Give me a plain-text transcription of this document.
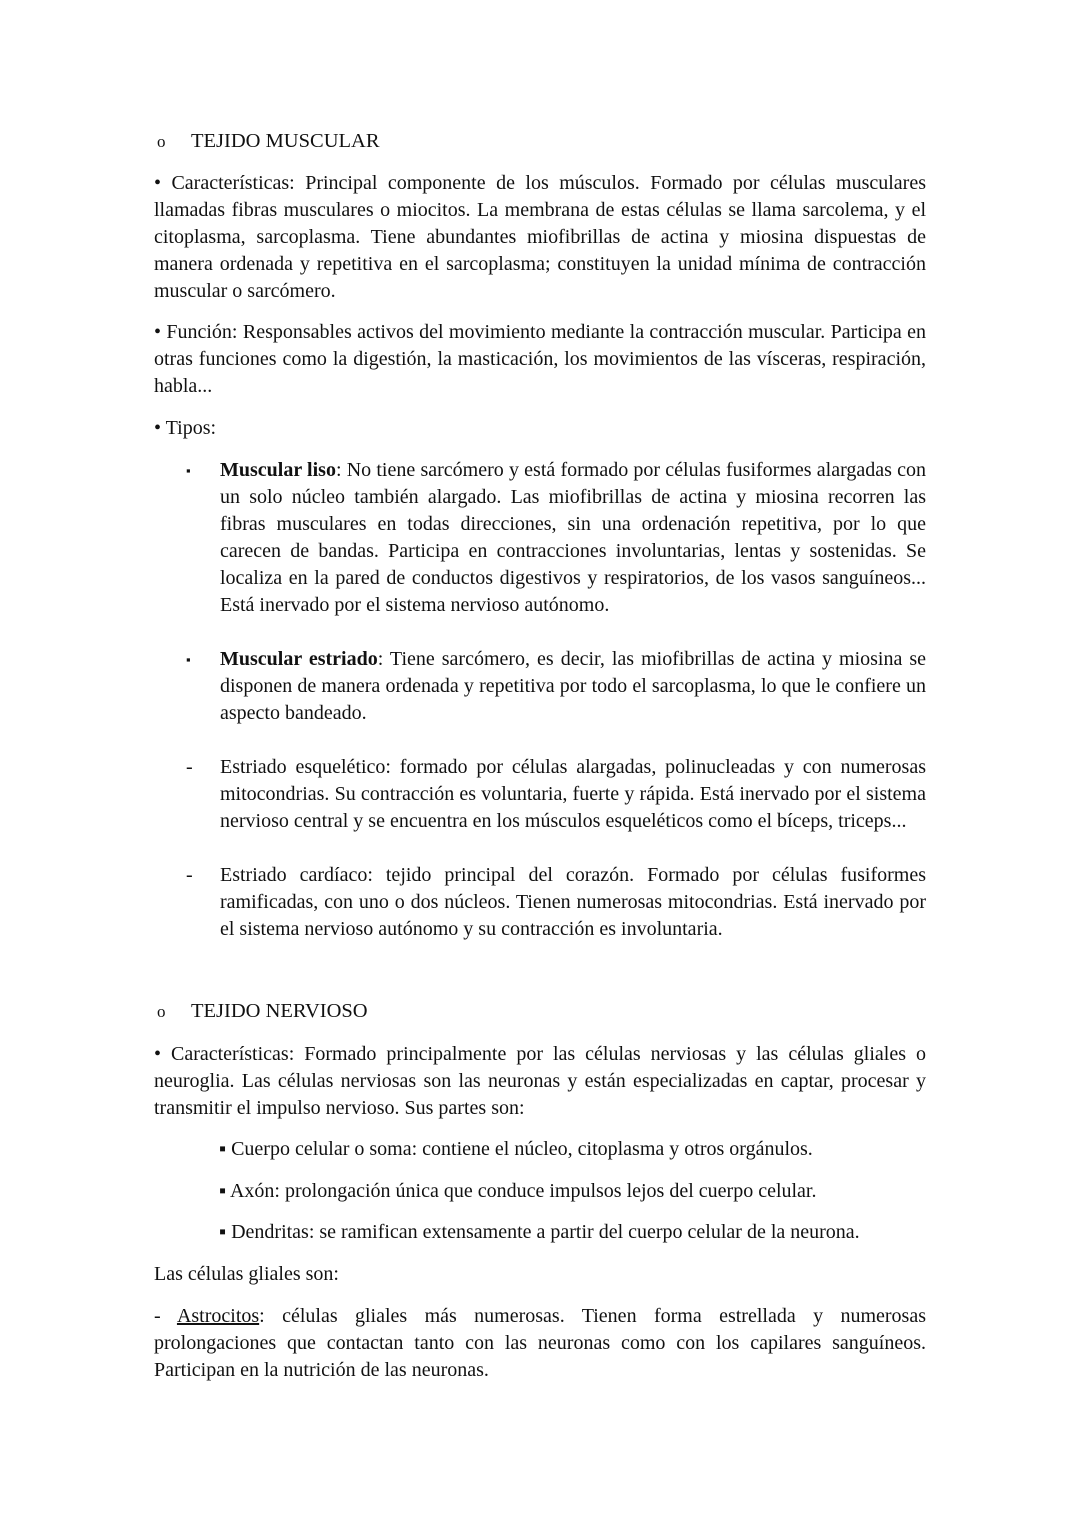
o TEJIDO MUSCULAR
• Características: Principal componente de los músculos. Formado por células musculares llamadas fibras musculares o miocitos. La membrana de estas células se llama sarcolema, y el citoplasma, sarcoplasma. Tiene abundantes miofibrillas de actina y miosina dispuestas de manera ordenada y repetitiva en el sarcoplasma; constituyen la unidad mínima de contracción muscular o sarcómero.
• Función: Responsables activos del movimiento mediante la contracción muscular. Participa en otras funciones como la digestión, la masticación, los movimientos de las vísceras, respiración, habla...
• Tipos:
▪	Muscular liso: No tiene sarcómero y está formado por células fusiformes alargadas con un solo núcleo también alargado. Las miofibrillas de actina y miosina recorren las fibras musculares en todas direcciones, sin una ordenación repetitiva, por lo que carecen de bandas. Participa en contracciones involuntarias, lentas y sostenidas. Se localiza en la pared de conductos digestivos y respiratorios, de los vasos sanguíneos... Está inervado por el sistema nervioso autónomo.
▪	Muscular estriado: Tiene sarcómero, es decir, las miofibrillas de actina y miosina se disponen de manera ordenada y repetitiva por todo el sarcoplasma, lo que le confiere un aspecto bandeado.
-	Estriado esquelético: formado por células alargadas, polinucleadas y con numerosas mitocondrias. Su contracción es voluntaria, fuerte y rápida. Está inervado por el sistema nervioso central y se encuentra en los músculos esqueléticos como el bíceps, triceps...
-	Estriado cardíaco: tejido principal del corazón. Formado por células fusiformes ramificadas, con uno o dos núcleos. Tienen numerosas mitocondrias. Está inervado por el sistema nervioso autónomo y su contracción es involuntaria.
o TEJIDO NERVIOSO
• Características: Formado principalmente por las células nerviosas y las células gliales o neuroglia. Las células nerviosas son las neuronas y están especializadas en captar, procesar y transmitir el impulso nervioso. Sus partes son:
▪ Cuerpo celular o soma: contiene el núcleo, citoplasma y otros orgánulos.
▪ Axón: prolongación única que conduce impulsos lejos del cuerpo celular.
▪ Dendritas: se ramifican extensamente a partir del cuerpo celular de la neurona.
Las células gliales son:
- Astrocitos: células gliales más numerosas. Tienen forma estrellada y numerosas prolongaciones que contactan tanto con las neuronas como con los capilares sanguíneos. Participan en la nutrición de las neuronas.
